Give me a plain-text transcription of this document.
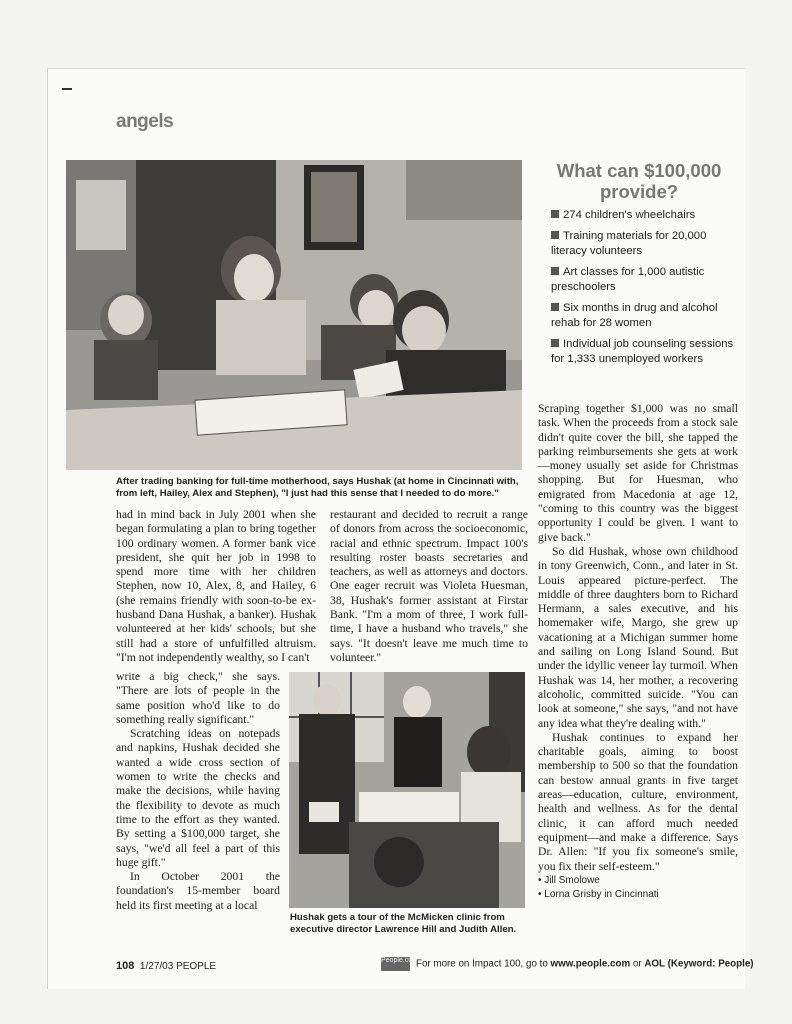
angels
After trading banking for full-time motherhood, says Hushak (at home in Cincinnati with, from left, Hailey, Alex and Stephen), "I just had this sense that I needed to do more."
What can $100,000 provide?
274 children's wheelchairs
Training materials for 20,000 literacy volunteers
Art classes for 1,000 autistic preschoolers
Six months in drug and alcohol rehab for 28 women
Individual job counseling sessions for 1,333 unemployed workers

had in mind back in July 2001 when she began formulating a plan to bring together 100 ordinary women. A former bank vice president, she quit her job in 1998 to spend more time with her children Stephen, now 10, Alex, 8, and Hailey, 6 (she remains friendly with soon-to-be ex-husband Dana Hushak, a banker). Hushak volunteered at her kids' schools, but she still had a store of unfulfilled altruism. "I'm not independently wealthy, so I can't

write a big check," she says. "There are lots of people in the same position who'd like to do something really significant."

Scratching ideas on notepads and napkins, Hushak decided she wanted a wide cross section of women to write the checks and make the decisions, while having the flexibility to devote as much time to the effort as they wanted. By setting a $100,000 target, she says, "we'd all feel a part of this huge gift."

In October 2001 the foundation's 15-member board held its first meeting at a local

restaurant and decided to recruit a range of donors from across the socioeconomic, racial and ethnic spectrum. Impact 100's resulting roster boasts secretaries and teachers, as well as attorneys and doctors. One eager recruit was Violeta Huesman, 38, Hushak's former assistant at Firstar Bank. "I'm a mom of three, I work full-time, I have a husband who travels," she says. "It doesn't leave me much time to volunteer."

Hushak gets a tour of the McMicken clinic from executive director Lawrence Hill and Judith Allen.

Scraping together $1,000 was no small task. When the proceeds from a stock sale didn't quite cover the bill, she tapped the parking reimbursements she gets at work—money usually set aside for Christmas shopping. But for Huesman, who emigrated from Macedonia at age 12, "coming to this country was the biggest opportunity I could be given. I want to give back."

So did Hushak, whose own childhood in tony Greenwich, Conn., and later in St. Louis appeared picture-perfect. The middle of three daughters born to Richard Hermann, a sales executive, and his homemaker wife, Margo, she grew up vacationing at a Michigan summer home and sailing on Long Island Sound. But under the idyllic veneer lay turmoil. When Hushak was 14, her mother, a recovering alcoholic, committed suicide. "You can look at someone," she says, "and not have any idea what they're dealing with."

Hushak continues to expand her charitable goals, aiming to boost membership to 500 so that the foundation can bestow annual grants in five target areas—education, culture, environment, health and wellness. As for the dental clinic, it can afford much needed equipment—and make a difference. Says Dr. Allen: "If you fix someone's smile, you fix their self-esteem."

• Jill Smolowe
• Lorna Grisby in Cincinnati
108 1/27/03 PEOPLE
People.comFor more on Impact 100, go to www.people.com or AOL (Keyword: People)
